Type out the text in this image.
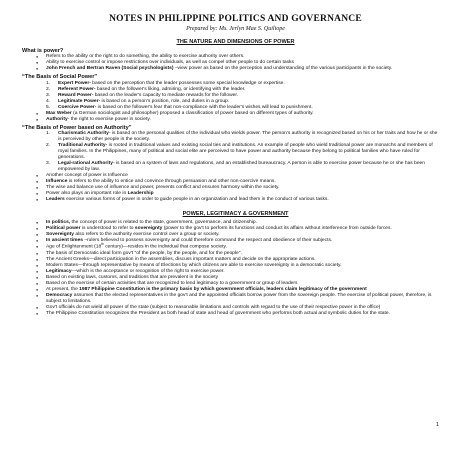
NOTES IN PHILIPPINE POLITICS AND GOVERNANCE
Prepared by: Ms. Jerlyn Mae S. Quiliope
THE NATURE AND DIMENSIONS OF POWER
What is power?
● Refers to the ability or the right to do something, the ability to exercise authority over others.
● Ability to exercise control or impose restrictions over individuals, as well as compel other people to do certain tasks
● John French and Bertran Raven (Social psychologists) –view power as based on the perception and understanding of the various participants in the society.
“The Basis of Social Power”
1. Expert Power- based on the perception that the leader possesses some special knowledge or expertise.
2. Referent Power- based on the follower's liking, admiring, or identifying with the leader.
3. Reward Power- based on the leader's capacity to mediate rewards for the follower.
4. Legitimate Power- is based on a person's position, role, and duties in a group.
5. Coercive Power- is based on the follower's fear that non-compliance with the leader's wishes will lead to punishment.
● Max Weber (a German sociologist and philosopher) proposed a classification of power based on different types of authority.
● Authority- the right to exercise power in society.
“The Basis of Power based on Authority”
1. Charismatic Authority- is based on the personal qualities of the individual who wields power. The person's authority is recognized based on his or her traits and how he or she is perceived by other people in the society.
2. Traditional Authority- is rooted in traditional values and existing social ties and institutions. An example of people who wield traditional power are monarchs and members of royal families. In the Philippines, many of political and social elite are perceived to have power and authority because they belong to political families who have ruled for generations.
3. Legal-rational Authority- is based on a system of laws and regulations, and an established bureaucracy. A person is able to exercise power because he or she has been empowered by law.
● Another concept of power is Influence
● Influence is refers to the ability to entice and convince through persuasion and other non-coercive means.
● The wise and balance use of influence and power, prevents conflict and ensures harmony within the society.
● Power also plays an important role in Leadership
● Leaders exercise various forms of power in order to guide people in an organization and lead them in the conduct of various tasks.
POWER, LEGITIMACY & GOVERNMENT
● In politics, the concept of power is related to the state, government, governance, and citizenship.
● Political power is understood to refer to sovereignty (power to the gov't to perform its functions and conduct its affairs without interference from outside forces.
● Sovereignty also refers to the authority exercise control over a group or society.
● In ancient times –rulers believed to possess sovereignty and could therefore command the respect and obedience of their subjects.
● Age of Enlightenment (18th century)—resides in the individual that compose society.
● The basis of Democratic ideal form gov't "of the people, by the people, and for the people".
● The Ancient Greeks—direct participation in the assemblies, discuss important matters and decide on the appropriate actions.
● Modern States—through representative by means of Elections by which citizens are able to exercise sovereignty in a democratic society.
● Legitimacy—which is the acceptance or recognition of the right to exercise power.
● Based on existing laws, customs, and traditions that are prevalent in the society
● Based on the exercise of certain activities that are recognized to lend legitimacy to a government or group of leaders
● At present, the 1987 Philippine Constitution is the primary basis by which government officials, leaders claim legitimacy of the government
● Democracy assumes that the elected representatives in the gov't and the appointed officials borrow power from the sovereign people. The exercise of political power, therefore, is subject to limitations.
● Gov't officials do not wield all power of the state (subject to reasonable limitations and controls with regard to the use of their respective power in the office)
● The Philippine Constitution recognizes the President as both head of state and head of government who performs both actual and symbolic duties for the state.
1
